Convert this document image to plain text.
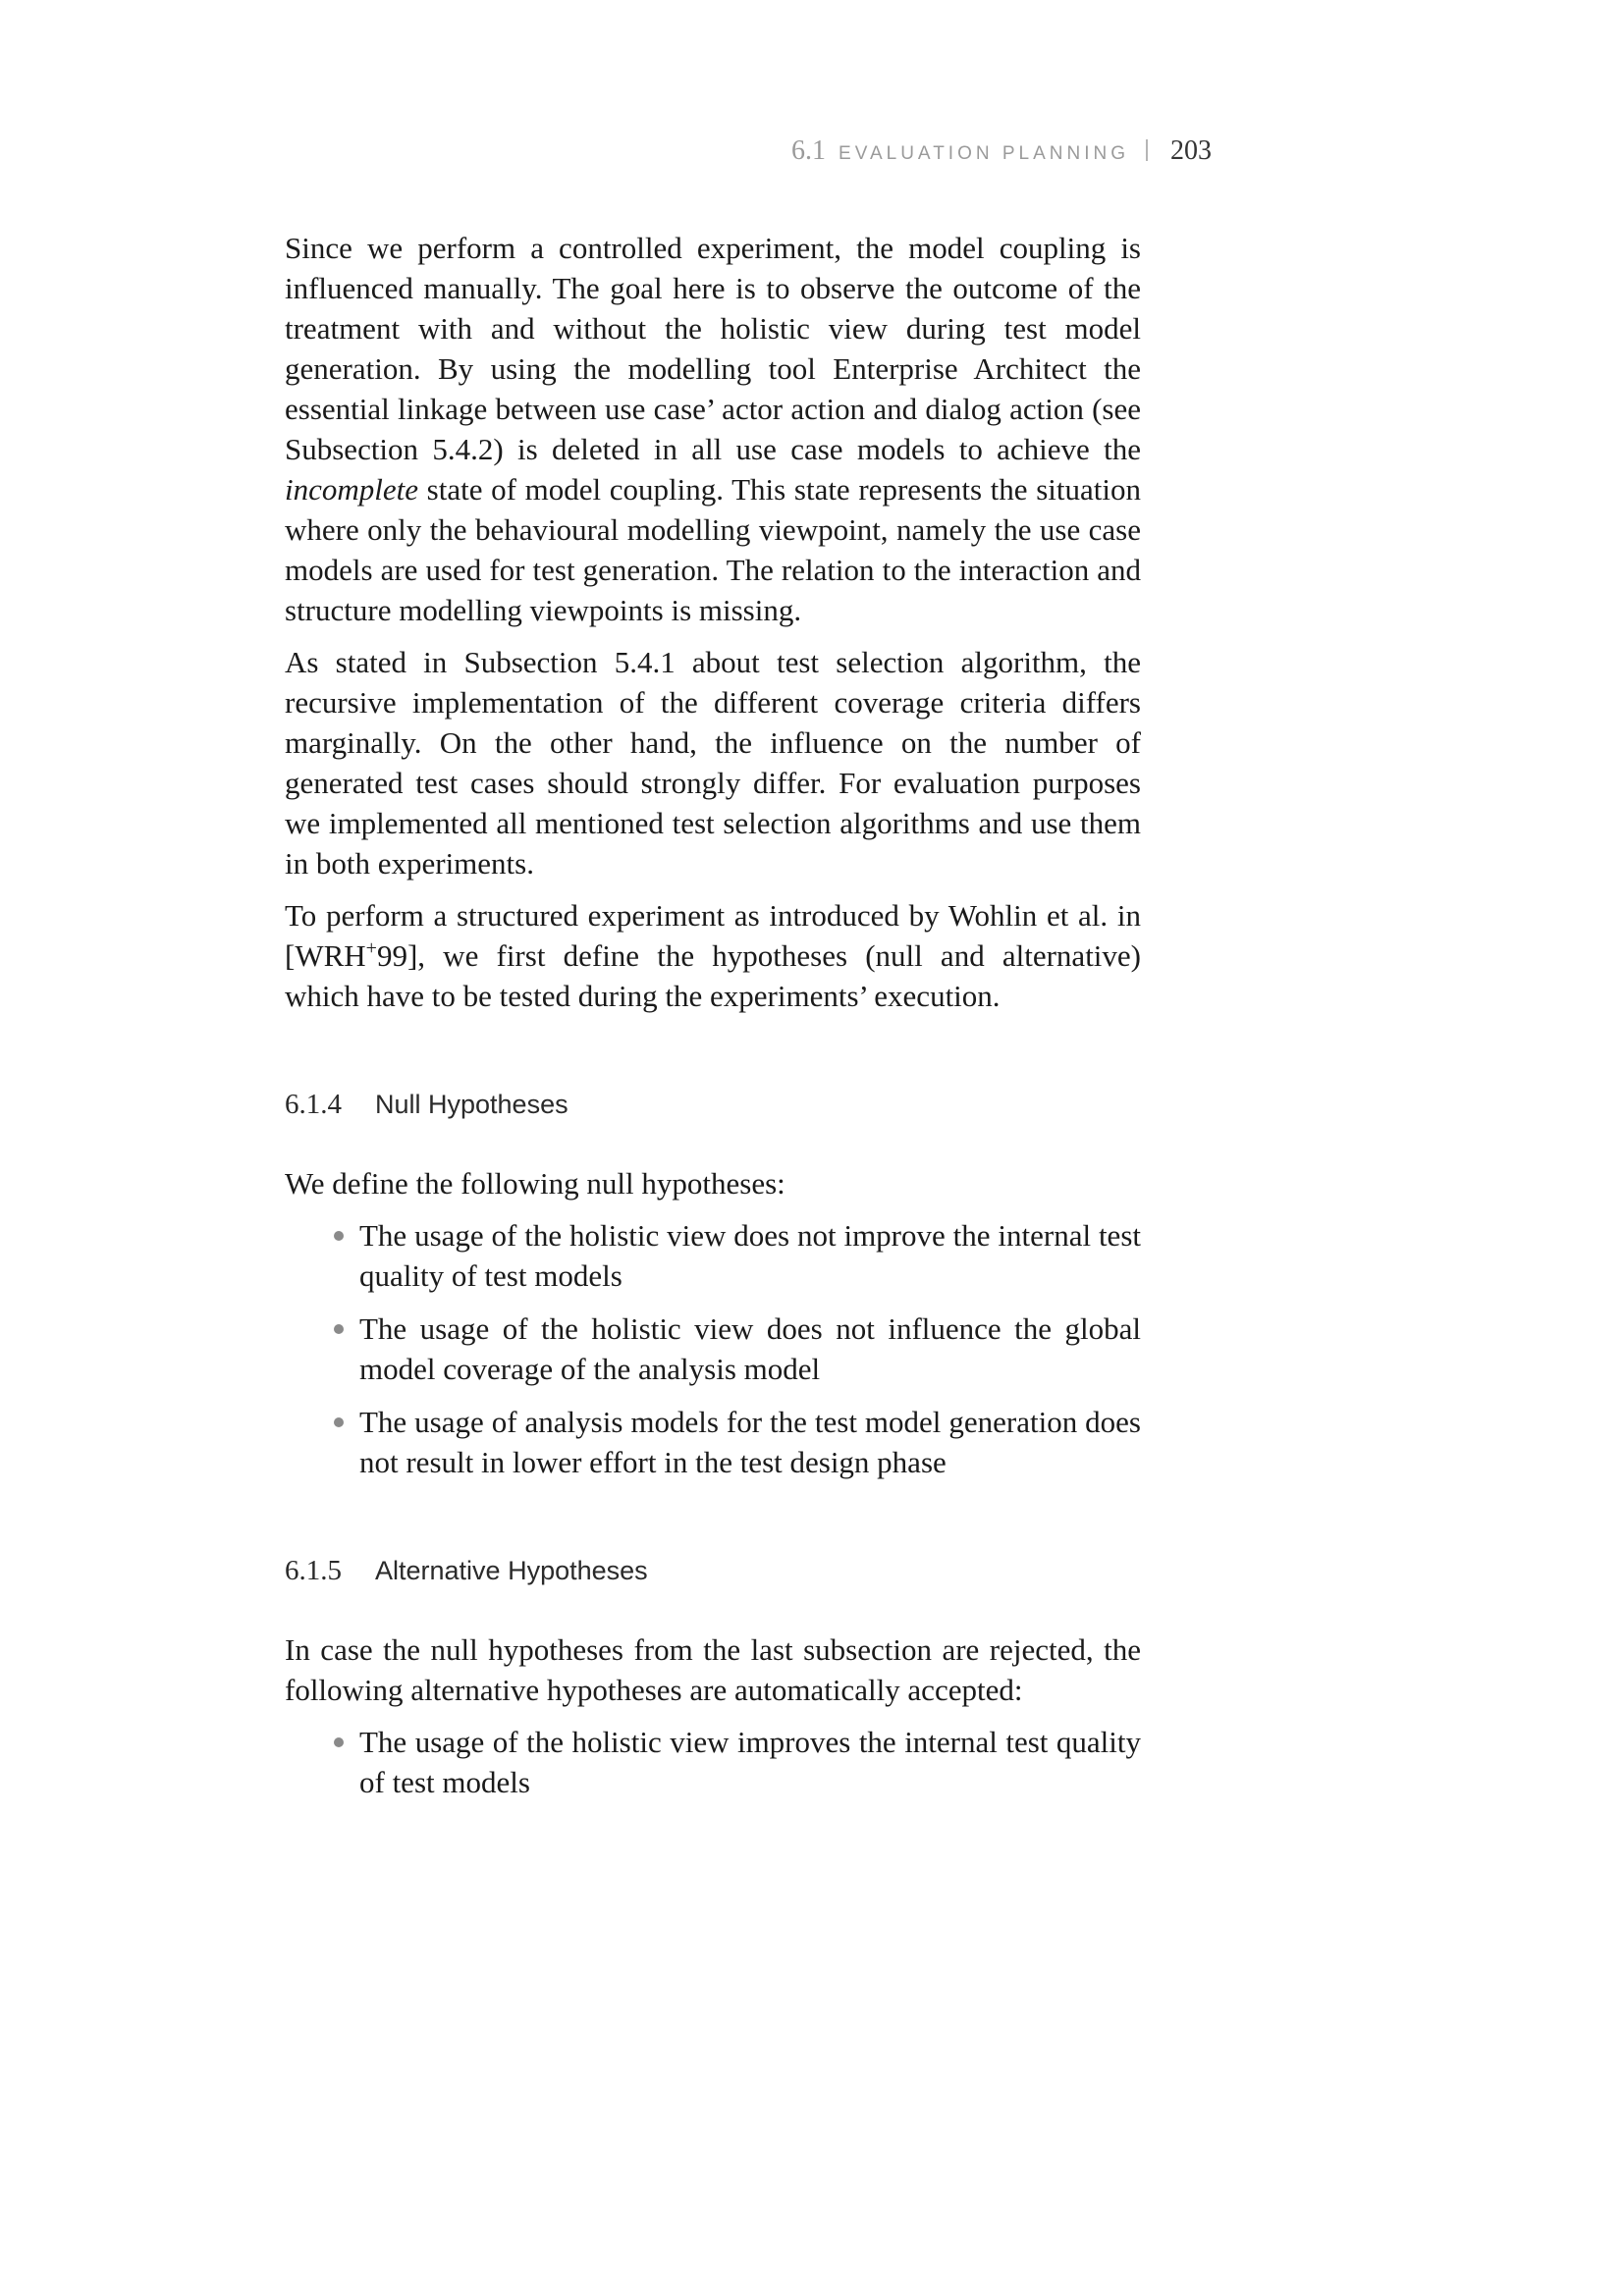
6.1 EVALUATION PLANNING 203

Since we perform a controlled experiment, the model coupling is influenced manually. The goal here is to observe the outcome of the treatment with and without the holistic view during test model generation. By using the modelling tool Enterprise Architect the essential linkage between use case’ actor action and dialog action (see Subsection 5.4.2) is deleted in all use case models to achieve the incomplete state of model coupling. This state represents the situation where only the behavioural modelling viewpoint, namely the use case models are used for test generation. The relation to the interaction and structure modelling viewpoints is missing.

As stated in Subsection 5.4.1 about test selection algorithm, the recursive implementation of the different coverage criteria differs marginally. On the other hand, the influence on the number of generated test cases should strongly differ. For evaluation purposes we implemented all mentioned test selection algorithms and use them in both experiments.

To perform a structured experiment as introduced by Wohlin et al. in [WRH+99], we first define the hypotheses (null and alternative) which have to be tested during the experiments’ execution.

6.1.4 Null Hypotheses

We define the following null hypotheses:

The usage of the holistic view does not improve the internal test quality of test models
The usage of the holistic view does not influence the global model coverage of the analysis model
The usage of analysis models for the test model generation does not result in lower effort in the test design phase
6.1.5 Alternative Hypotheses

In case the null hypotheses from the last subsection are rejected, the following alternative hypotheses are automatically accepted:

The usage of the holistic view improves the internal test quality of test models
